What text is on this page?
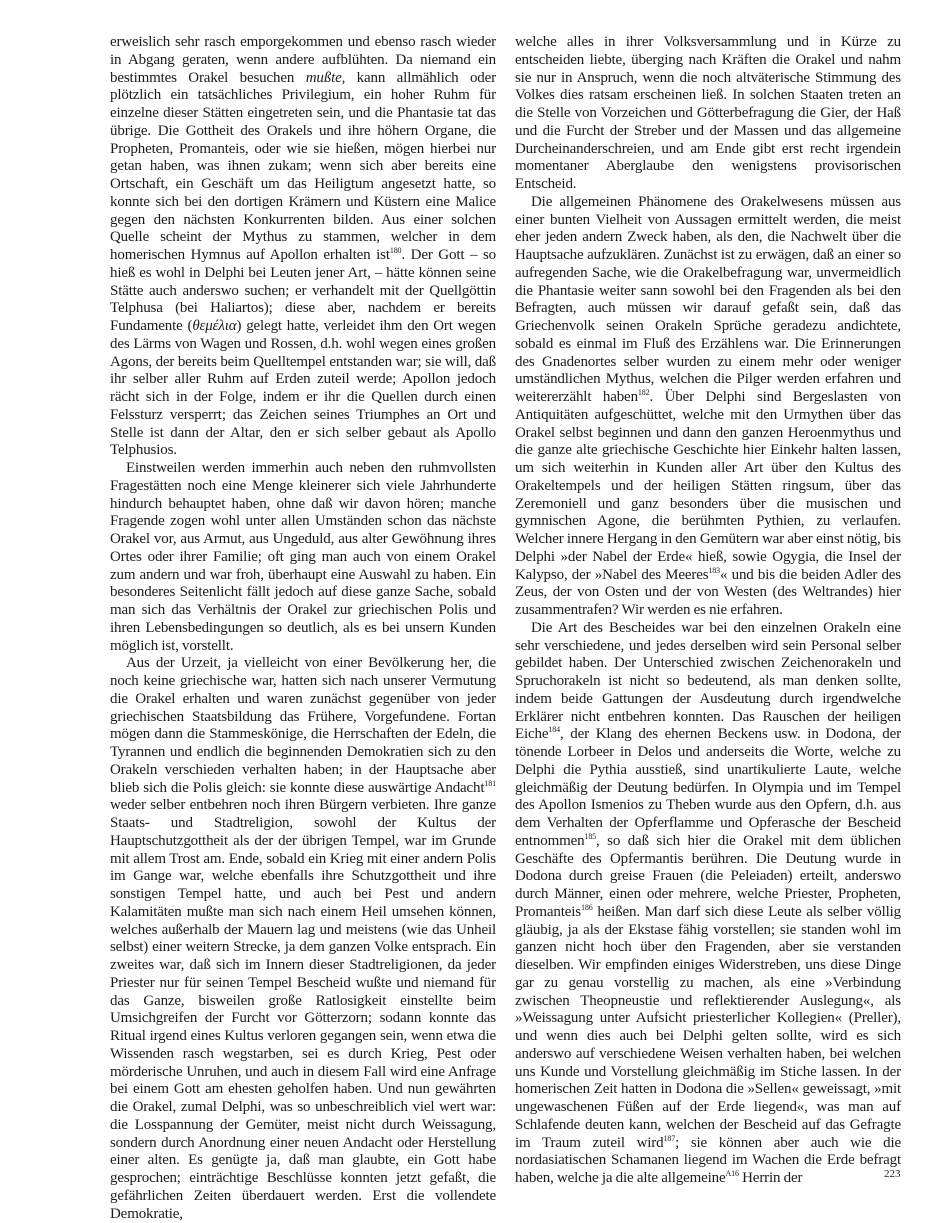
erweislich sehr rasch emporgekommen und ebenso rasch wieder in Abgang geraten, wenn andere aufblühten. Da niemand ein bestimmtes Orakel besuchen mußte, kann allmählich oder plötzlich ein tatsächliches Privilegium, ein hoher Ruhm für einzelne dieser Stätten eingetreten sein, und die Phantasie tat das übrige. Die Gottheit des Orakels und ihre höhern Organe, die Propheten, Promanteis, oder wie sie hießen, mögen hierbei nur getan haben, was ihnen zukam; wenn sich aber bereits eine Ortschaft, ein Geschäft um das Heiligtum angesetzt hatte, so konnte sich bei den dortigen Krämern und Küstern eine Malice gegen den nächsten Konkurrenten bilden. Aus einer solchen Quelle scheint der Mythus zu stammen, welcher in dem homerischen Hymnus auf Apollon erhalten ist$^{180}$. Der Gott – so hieß es wohl in Delphi bei Leuten jener Art, – hätte können seine Stätte auch anderswo suchen; er verhandelt mit der Quellgöttin Telphusa (bei Haliartos); diese aber, nachdem er bereits Fundamente (θεμέλια) gelegt hatte, verleidet ihm den Ort wegen des Lärms von Wagen und Rossen, d.h. wohl wegen eines großen Agons, der bereits beim Quelltempel entstanden war; sie will, daß ihr selber aller Ruhm auf Erden zuteil werde; Apollon jedoch rächt sich in der Folge, indem er ihr die Quellen durch einen Felssturz versperrt; das Zeichen seines Triumphes an Ort und Stelle ist dann der Altar, den er sich selber gebaut als Apollo Telphusios.

Einstweilen werden immerhin auch neben den ruhmvollsten Fragestätten noch eine Menge kleinerer sich viele Jahrhunderte hindurch behauptet haben, ohne daß wir davon hören; manche Fragende zogen wohl unter allen Umständen schon das nächste Orakel vor, aus Armut, aus Ungeduld, aus alter Gewöhnung ihres Ortes oder ihrer Familie; oft ging man auch von einem Orakel zum andern und war froh, überhaupt eine Auswahl zu haben. Ein besonderes Seitenlicht fällt jedoch auf diese ganze Sache, sobald man sich das Verhältnis der Orakel zur griechischen Polis und ihren Lebensbedingungen so deutlich, als es bei unsern Kunden möglich ist, vorstellt.

Aus der Urzeit, ja vielleicht von einer Bevölkerung her, die noch keine griechische war, hatten sich nach unserer Vermutung die Orakel erhalten und waren zunächst gegenüber von jeder griechischen Staatsbildung das Frühere, Vorgefundene. Fortan mögen dann die Stammeskönige, die Herrschaften der Edeln, die Tyrannen und endlich die beginnenden Demokratien sich zu den Orakeln verschieden verhalten haben; in der Hauptsache aber blieb sich die Polis gleich: sie konnte diese auswärtige Andacht$^{181}$ weder selber entbehren noch ihren Bürgern verbieten. Ihre ganze Staats- und Stadtreligion, sowohl der Kultus der Hauptschutzgottheit als der der übrigen Tempel, war im Grunde mit allem Trost am. Ende, sobald ein Krieg mit einer andern Polis im Gange war, welche ebenfalls ihre Schutzgottheit und ihre sonstigen Tempel hatte, und auch bei Pest und andern Kalamitäten mußte man sich nach einem Heil umsehen können, welches außerhalb der Mauern lag und meistens (wie das Unheil selbst) einer weitern Strecke, ja dem ganzen Volke entsprach. Ein zweites war, daß sich im Innern dieser Stadtreligionen, da jeder Priester nur für seinen Tempel Bescheid wußte und niemand für das Ganze, bisweilen große Ratlosigkeit einstellte beim Umsichgreifen der Furcht vor Götterzorn; sodann konnte das Ritual irgend eines Kultus verloren gegangen sein, wenn etwa die Wissenden rasch wegstarben, sei es durch Krieg, Pest oder mörderische Unruhen, und auch in diesem Fall wird eine Anfrage bei einem Gott am ehesten geholfen haben. Und nun gewährten die Orakel, zumal Delphi, was so unbeschreiblich viel wert war: die Losspannung der Gemüter, meist nicht durch Weissagung, sondern durch Anordnung einer neuen Andacht oder Herstellung einer alten. Es genügte ja, daß man glaubte, ein Gott habe gesprochen; einträchtige Beschlüsse konnten jetzt gefaßt, die gefährlichen Zeiten überdauert werden. Erst die vollendete Demokratie,

welche alles in ihrer Volksversammlung und in Kürze zu entscheiden liebte, überging nach Kräften die Orakel und nahm sie nur in Anspruch, wenn die noch altväterische Stimmung des Volkes dies ratsam erscheinen ließ. In solchen Staaten treten an die Stelle von Vorzeichen und Götterbefragung die Gier, der Haß und die Furcht der Streber und der Massen und das allgemeine Durcheinanderschreien, und am Ende gibt erst recht irgendein momentaner Aberglaube den wenigstens provisorischen Entscheid.

Die allgemeinen Phänomene des Orakelwesens müssen aus einer bunten Vielheit von Aussagen ermittelt werden, die meist eher jeden andern Zweck haben, als den, die Nachwelt über die Hauptsache aufzuklären. Zunächst ist zu erwägen, daß an einer so aufregenden Sache, wie die Orakelbefragung war, unvermeidlich die Phantasie weiter sann sowohl bei den Fragenden als bei den Befragten, auch müssen wir darauf gefaßt sein, daß das Griechenvolk seinen Orakeln Sprüche geradezu andichtete, sobald es einmal im Fluß des Erzählens war. Die Erinnerungen des Gnadenortes selber wurden zu einem mehr oder weniger umständlichen Mythus, welchen die Pilger werden erfahren und weitererzählt haben$^{182}$. Über Delphi sind Bergeslasten von Antiquitäten aufgeschüttet, welche mit den Urmythen über das Orakel selbst beginnen und dann den ganzen Heroenmythus und die ganze alte griechische Geschichte hier Einkehr halten lassen, um sich weiterhin in Kunden aller Art über den Kultus des Orakeltempels und der heiligen Stätten ringsum, über das Zeremoniell und ganz besonders über die musischen und gymnischen Agone, die berühmten Pythien, zu verlaufen. Welcher innere Hergang in den Gemütern war aber einst nötig, bis Delphi »der Nabel der Erde« hieß, sowie Ogygia, die Insel der Kalypso, der »Nabel des Meeres$^{183}$« und bis die beiden Adler des Zeus, der von Osten und der von Westen (des Weltrandes) hier zusammentrafen? Wir werden es nie erfahren.

Die Art des Bescheides war bei den einzelnen Orakeln eine sehr verschiedene, und jedes derselben wird sein Personal selber gebildet haben. Der Unterschied zwischen Zeichenorakeln und Spruchorakeln ist nicht so bedeutend, als man denken sollte, indem beide Gattungen der Ausdeutung durch irgendwelche Erklärer nicht entbehren konnten. Das Rauschen der heiligen Eiche$^{184}$, der Klang des ehernen Beckens usw. in Dodona, der tönende Lorbeer in Delos und anderseits die Worte, welche zu Delphi die Pythia ausstieß, sind unartikulierte Laute, welche gleichmäßig der Deutung bedürfen. In Olympia und im Tempel des Apollon Ismenios zu Theben wurde aus den Opfern, d.h. aus dem Verhalten der Opferflamme und Opferasche der Bescheid entnommen$^{185}$, so daß sich hier die Orakel mit dem üblichen Geschäfte des Opfermantis berühren. Die Deutung wurde in Dodona durch greise Frauen (die Peleiaden) erteilt, anderswo durch Männer, einen oder mehrere, welche Priester, Propheten, Promanteis$^{186}$ heißen. Man darf sich diese Leute als selber völlig gläubig, ja als der Ekstase fähig vorstellen; sie standen wohl im ganzen nicht hoch über den Fragenden, aber sie verstanden dieselben. Wir empfinden einiges Widerstreben, uns diese Dinge gar zu genau vorstellig zu machen, als eine »Verbindung zwischen Theopneustie und reflektierender Auslegung«, als »Weissagung unter Aufsicht priesterlicher Kollegien« (Preller), und wenn dies auch bei Delphi gelten sollte, wird es sich anderswo auf verschiedene Weisen verhalten haben, bei welchen uns Kunde und Vorstellung gleichmäßig im Stiche lassen. In der homerischen Zeit hatten in Dodona die »Sellen« geweissagt, »mit ungewaschenen Füßen auf der Erde liegend«, was man auf Schlafende deuten kann, welchen der Bescheid auf das Gefragte im Traum zuteil wird$^{187}$; sie können aber auch wie die nordasiatischen Schamanen liegend im Wachen die Erde befragt haben, welche ja die alte allgemeine$^{A16}$ Herrin der	223
